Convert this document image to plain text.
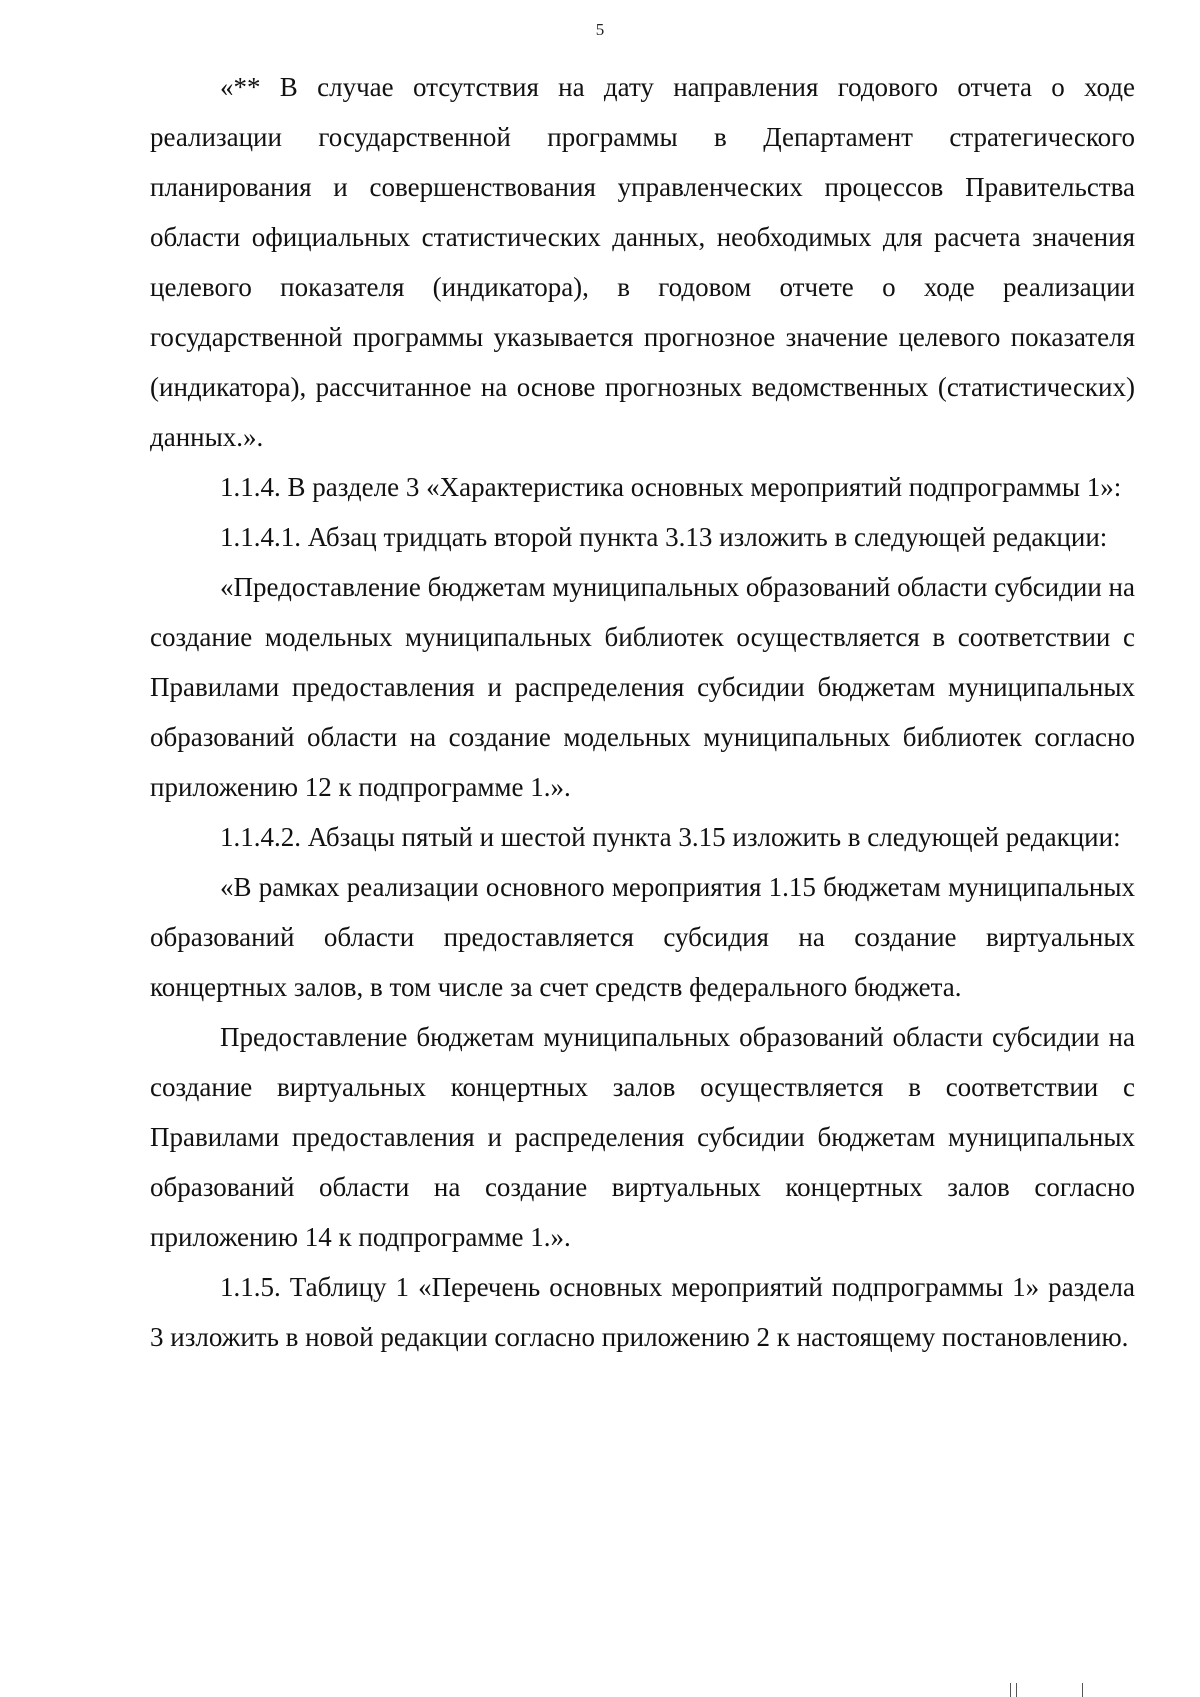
5

«** В случае отсутствия на дату направления годового отчета о ходе реализации государственной программы в Департамент стратегического планирования и совершенствования управленческих процессов Правительства области официальных статистических данных, необходимых для расчета значения целевого показателя (индикатора), в годовом отчете о ходе реализации государственной программы указывается прогнозное значение целевого показателя (индикатора), рассчитанное на основе прогнозных ведомственных (статистических) данных.».

1.1.4. В разделе 3 «Характеристика основных мероприятий подпрограммы 1»:

1.1.4.1. Абзац тридцать второй пункта 3.13 изложить в следующей редакции:

«Предоставление бюджетам муниципальных образований области субсидии на создание модельных муниципальных библиотек осуществляется в соответствии с Правилами предоставления и распределения субсидии бюджетам муниципальных образований области на создание модельных муниципальных библиотек согласно приложению 12 к подпрограмме 1.».

1.1.4.2. Абзацы пятый и шестой пункта 3.15 изложить в следующей редакции:

«В рамках реализации основного мероприятия 1.15 бюджетам муниципальных образований области предоставляется субсидия на создание виртуальных концертных залов, в том числе за счет средств федерального бюджета.

Предоставление бюджетам муниципальных образований области субсидии на создание виртуальных концертных залов осуществляется в соответствии с Правилами предоставления и распределения субсидии бюджетам муниципальных образований области на создание виртуальных концертных залов согласно приложению 14 к подпрограмме 1.».

1.1.5. Таблицу 1 «Перечень основных мероприятий подпрограммы 1» раздела 3 изложить в новой редакции согласно приложению 2 к настоящему постановлению.
